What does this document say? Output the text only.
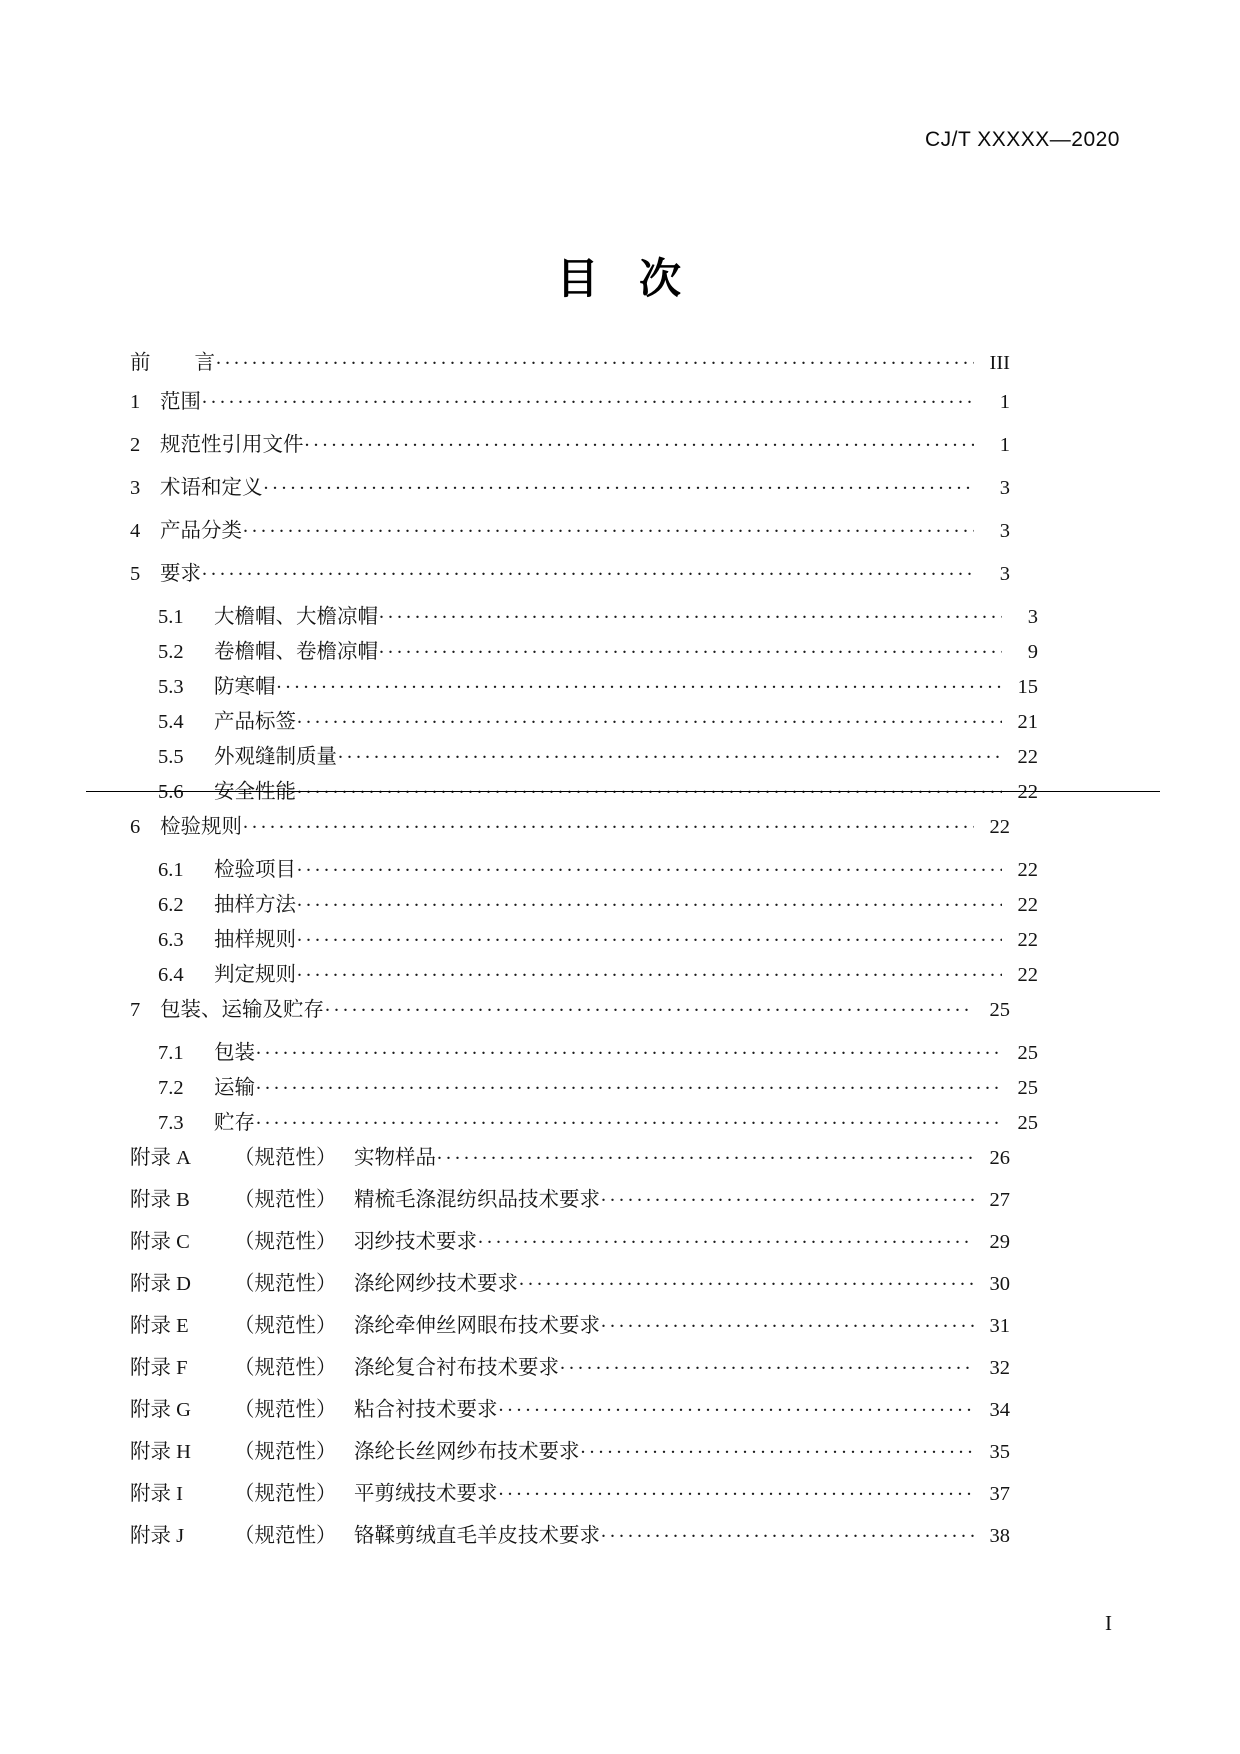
CJ/T XXXXX—2020
目 次
前 言 . . .	III
1 范围 . . .	1
2 规范性引用文件 . . .	1
3 术语和定义 . . .	3
4 产品分类 . . .	3
5 要求 . . .	3
5.1	大檐帽、大檐凉帽 . . .	3
5.2	卷檐帽、卷檐凉帽 . . .	9
5.3	防寒帽 . . .	15
5.4	产品标签 . . .	21
5.5	外观缝制质量 . . .	22
5.6	安全性能 . . .	22
6 检验规则 . . .	22
6.1	检验项目 . . .	22
6.2	抽样方法 . . .	22
6.3	抽样规则 . . .	22
6.4	判定规则 . . .	22
7 包装、运输及贮存 . . .	25
7.1	包装 . . .	25
7.2	运输 . . .	25
7.3	贮存 . . .	25
附录 A	（规范性） 实物样品 . . .	26
附录 B	（规范性） 精梳毛涤混纺织品技术要求 . . .	27
附录 C	（规范性） 羽纱技术要求 . . .	29
附录 D	（规范性） 涤纶网纱技术要求 . . .	30
附录 E	（规范性） 涤纶牵伸丝网眼布技术要求 . . .	31
附录 F	（规范性） 涤纶复合衬布技术要求 . . .	32
附录 G	（规范性） 粘合衬技术要求 . . .	34
附录 H	（规范性） 涤纶长丝网纱布技术要求 . . .	35
附录 I	（规范性） 平剪绒技术要求 . . .	37
附录 J	（规范性） 铬鞣剪绒直毛羊皮技术要求 . . .	38
I
